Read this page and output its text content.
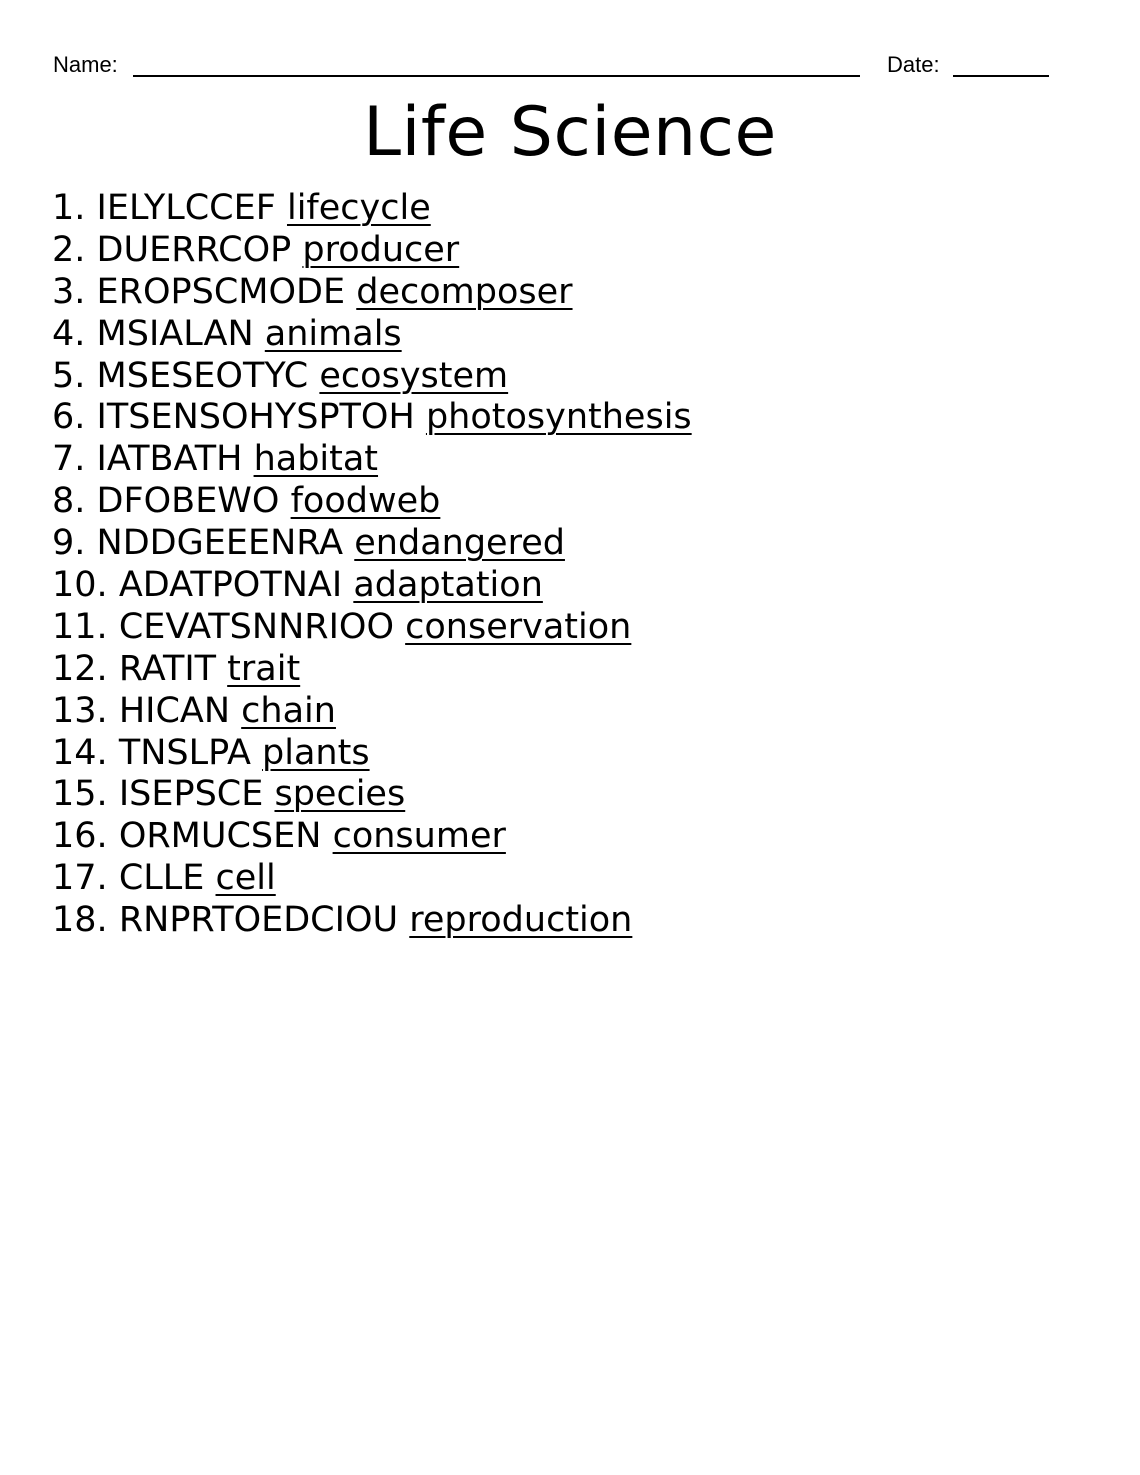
Name:	Date:
Life Science
1. IELYLCCEF lifecycle
2. DUERRCOP producer
3. EROPSCMODE decomposer
4. MSIALAN animals
5. MSESEOTYC ecosystem
6. ITSENSOHYSPTOH photosynthesis
7. IATBATH habitat
8. DFOBEWO foodweb
9. NDDGEEENRA endangered
10. ADATPOTNAI adaptation
11. CEVATSNNRIOO conservation
12. RATIT trait
13. HICAN chain
14. TNSLPA plants
15. ISEPSCE species
16. ORMUCSEN consumer
17. CLLE cell
18. RNPRTOEDCIOU reproduction
